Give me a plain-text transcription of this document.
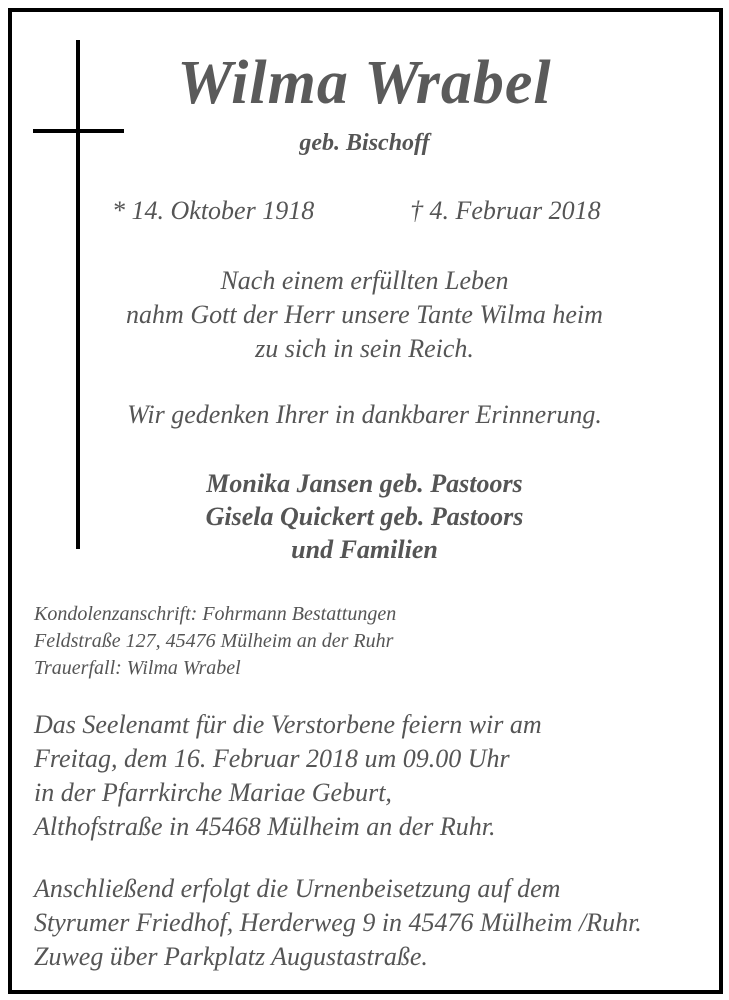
Wilma Wrabel
geb. Bischoff
* 14. Oktober 1918	† 4. Februar 2018
Nach einem erfüllten Leben
nahm Gott der Herr unsere Tante Wilma heim
zu sich in sein Reich.
Wir gedenken Ihrer in dankbarer Erinnerung.
Monika Jansen geb. Pastoors
Gisela Quickert geb. Pastoors
und Familien
Kondolenzanschrift: Fohrmann Bestattungen
Feldstraße 127, 45476 Mülheim an der Ruhr
Trauerfall: Wilma Wrabel
Das Seelenamt für die Verstorbene feiern wir am
Freitag, dem 16. Februar 2018 um 09.00 Uhr
in der Pfarrkirche Mariae Geburt,
Althofstraße in 45468 Mülheim an der Ruhr.
Anschließend erfolgt die Urnenbeisetzung auf dem
Styrumer Friedhof, Herderweg 9 in 45476 Mülheim /Ruhr.
Zuweg über Parkplatz Augustastraße.
